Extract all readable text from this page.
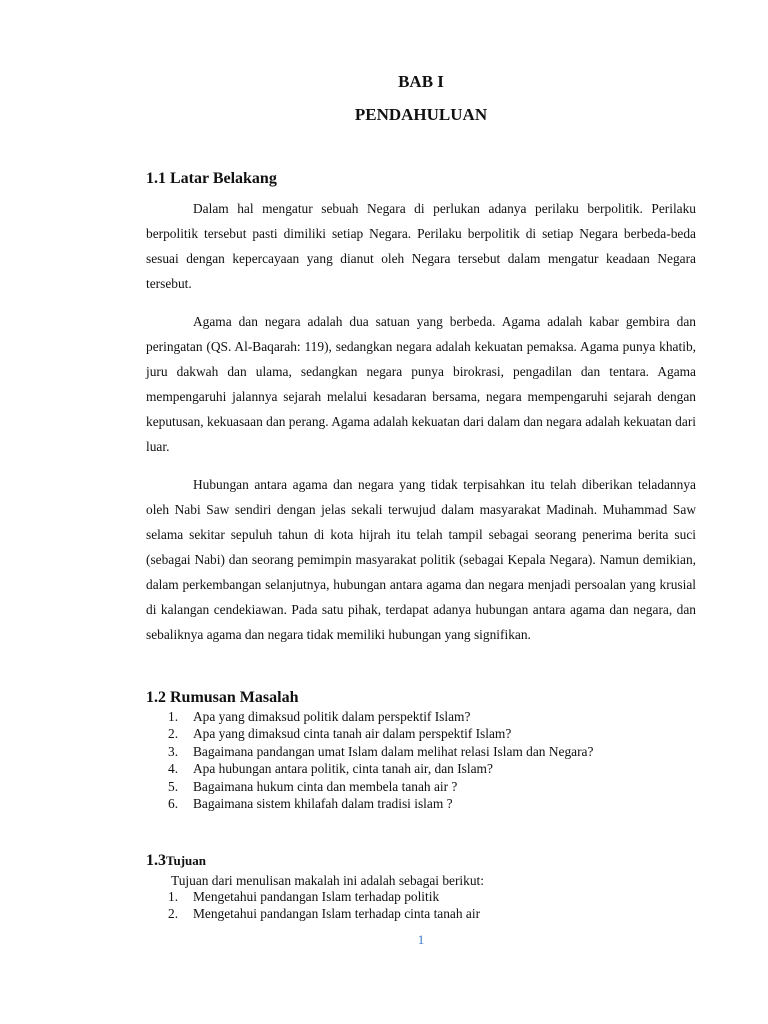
BAB I
PENDAHULUAN
1.1 Latar Belakang

Dalam hal mengatur sebuah Negara di perlukan adanya perilaku berpolitik. Perilaku berpolitik tersebut pasti dimiliki setiap Negara. Perilaku berpolitik di setiap Negara berbeda-beda sesuai dengan kepercayaan yang dianut oleh Negara tersebut dalam mengatur keadaan Negara tersebut.

Agama dan negara adalah dua satuan yang berbeda. Agama adalah kabar gembira dan peringatan (QS. Al-Baqarah: 119), sedangkan negara adalah kekuatan pemaksa. Agama punya khatib, juru dakwah dan ulama, sedangkan negara punya birokrasi, pengadilan dan tentara. Agama mempengaruhi jalannya sejarah melalui kesadaran bersama, negara mempengaruhi sejarah dengan keputusan, kekuasaan dan perang. Agama adalah kekuatan dari dalam dan negara adalah kekuatan dari luar.

Hubungan antara agama dan negara yang tidak terpisahkan itu telah diberikan teladannya oleh Nabi Saw sendiri dengan jelas sekali terwujud dalam masyarakat Madinah. Muhammad Saw selama sekitar sepuluh tahun di kota hijrah itu telah tampil sebagai seorang penerima berita suci (sebagai Nabi) dan seorang pemimpin masyarakat politik (sebagai Kepala Negara). Namun demikian, dalam perkembangan selanjutnya, hubungan antara agama dan negara menjadi persoalan yang krusial di kalangan cendekiawan. Pada satu pihak, terdapat adanya hubungan antara agama dan negara, dan sebaliknya agama dan negara tidak memiliki hubungan yang signifikan.

1.2 Rumusan Masalah
1.	Apa yang dimaksud politik dalam perspektif Islam?
2.	Apa yang dimaksud cinta tanah air dalam perspektif Islam?
3.	Bagaimana pandangan umat Islam dalam melihat relasi Islam dan Negara?
4.	Apa hubungan antara politik, cinta tanah air, dan Islam?
5.	Bagaimana hukum cinta dan membela tanah air ?
6.	Bagaimana sistem khilafah dalam tradisi islam ?
1.3Tujuan
Tujuan dari menulisan makalah ini adalah sebagai berikut:
1.	Mengetahui pandangan Islam terhadap politik
2.	Mengetahui pandangan Islam terhadap cinta tanah air
1
